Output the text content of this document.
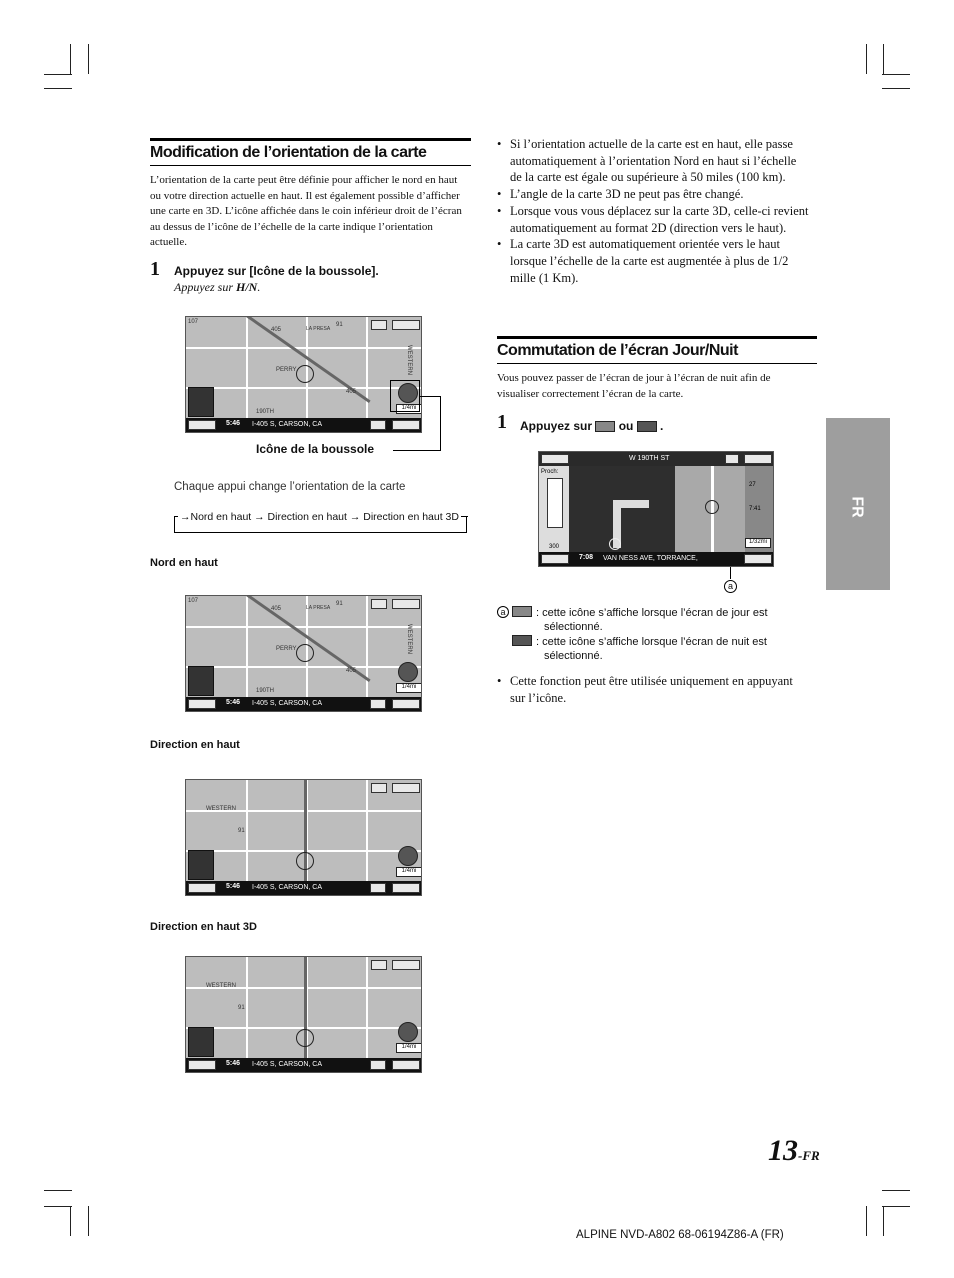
Modification de l’orientation de la carte
L’orientation de la carte peut être définie pour afficher le nord en haut ou votre direction actuelle en haut. Il est également possible d’afficher une carte en 3D. L’icône affichée dans le coin inférieur droit de l’écran au dessus de l’icône de l’échelle de la carte indique l’orientation actuelle.
1 Appuyez sur [Icône de la boussole].
Appuyez sur H/N.
405
107	91
405
LA PRESA
PERRY
190TH
WESTERN
1/4mi
5:46 I-405 S, CARSON, CA
Icône de la boussole
Chaque appui change l’orientation de la carte
→Nord en haut → Direction en haut → Direction en haut 3D
Nord en haut
405
107	91
405
LA PRESA
PERRY
190TH
WESTERN
1/4mi
5:46 I-405 S, CARSON, CA
Direction en haut
91
WESTERN
1/4mi
5:46 I-405 S, CARSON, CA
Direction en haut 3D
91
WESTERN
1/4mi
5:46 I-405 S, CARSON, CA
• Si l’orientation actuelle de la carte est en haut, elle passe automatiquement à l’orientation Nord en haut si l’échelle de la carte est égale ou supérieure à 50 miles (100 km).
• L’angle de la carte 3D ne peut pas être changé.
• Lorsque vous vous déplacez sur la carte 3D, celle-ci revient automatiquement au format 2D (direction vers le haut).
• La carte 3D est automatiquement orientée vers le haut lorsque l’échelle de la carte est augmentée à plus de 1/2 mille (1 Km).
Commutation de l’écran Jour/Nuit
Vous pouvez passer de l’écran de jour à l’écran de nuit afin de visualiser correctement l’écran de la carte.
1 Appuyez sur  ou  .
W 190TH ST
Proch:
300
27
7:41
1/32mi
7:08 VAN NESS AVE, TORRANCE,
a
a	: cette icône s’affiche lorsque l’écran de jour est sélectionné.
: cette icône s’affiche lorsque l’écran de nuit est sélectionné.
• Cette fonction peut être utilisée uniquement en appuyant sur l’icône.
FR
13-FR
ALPINE NVD-A802 68-06194Z86-A (FR)
